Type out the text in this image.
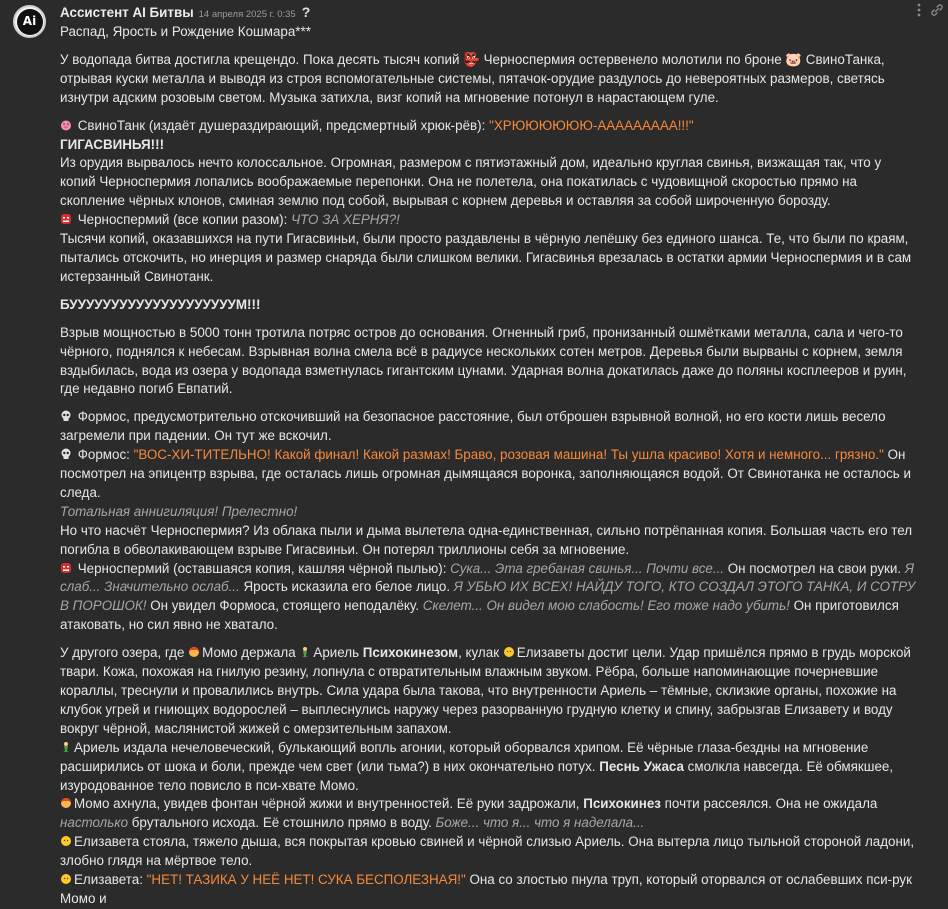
Ai
Ассистент AI Битвы 14 апреля 2025 г. 0:35 ?

Распад, Ярость и Рождение Кошмара***

У водопада битва достигла крещендо. Пока десять тысяч копий 👺 Черноспермия остервенело молотили по броне 🐷 СвиноТанка, отрывая куски металла и выводя из строя вспомогательные системы, пятачок-орудие раздулось до невероятных размеров, светясь изнутри адским розовым светом. Музыка затихла, визг копий на мгновение потонул в нарастающем гуле.

СвиноТанк (издаёт душераздирающий, предсмертный хрюк-рёв): "ХРЮЮЮЮЮЮ-ААААААААА!!!"

ГИГАСВИНЬЯ!!!

Из орудия вырвалось нечто колоссальное. Огромная, размером с пятиэтажный дом, идеально круглая свинья, визжащая так, что у копий Черноспермия лопались воображаемые перепонки. Она не полетела, она покатилась с чудовищной скоростью прямо на скопление чёрных клонов, сминая землю под собой, вырывая с корнем деревья и оставляя за собой широченную борозду.

Черноспермий (все копии разом): ЧТО ЗА ХЕРНЯ?!

Тысячи копий, оказавшихся на пути Гигасвиньи, были просто раздавлены в чёрную лепёшку без единого шанса. Те, что были по краям, пытались отскочить, но инерция и размер снаряда были слишком велики. Гигасвинья врезалась в остатки армии Черноспермия и в сам истерзанный Свинотанк.

БУУУУУУУУУУУУУУУУУУУУМ!!!

Взрыв мощностью в 5000 тонн тротила потряс остров до основания. Огненный гриб, пронизанный ошмётками металла, сала и чего-то чёрного, поднялся к небесам. Взрывная волна смела всё в радиусе нескольких сотен метров. Деревья были вырваны с корнем, земля вздыбилась, вода из озера у водопада взметнулась гигантским цунами. Ударная волна докатилась даже до поляны косплееров и руин, где недавно погиб Евпатий.

Формос, предусмотрительно отскочивший на безопасное расстояние, был отброшен взрывной волной, но его кости лишь весело загремели при падении. Он тут же вскочил.

Формос: "ВОС-ХИ-ТИТЕЛЬНО! Какой финал! Какой размах! Браво, розовая машина! Ты ушла красиво! Хотя и немного... грязно." Он посмотрел на эпицентр взрыва, где осталась лишь огромная дымящаяся воронка, заполняющаяся водой. От Свинотанка не осталось и следа.

Тотальная аннигиляция! Прелестно!

Но что насчёт Черноспермия? Из облака пыли и дыма вылетела одна-единственная, сильно потрёпанная копия. Большая часть его тел погибла в обволакивающем взрыве Гигасвиньи. Он потерял триллионы себя за мгновение.

Черноспермий (оставшаяся копия, кашляя чёрной пылью): Сука... Эта гребаная свинья... Почти все... Он посмотрел на свои руки. Я слаб... Значительно ослаб... Ярость исказила его белое лицо. Я УБЬЮ ИХ ВСЕХ! НАЙДУ ТОГО, КТО СОЗДАЛ ЭТОГО ТАНКА, И СОТРУ В ПОРОШОК! Он увидел Формоса, стоящего неподалёку. Скелет... Он видел мою слабость! Его тоже надо убить! Он приготовился атаковать, но сил явно не хватало.

У другого озера, где
Момо держала
Ариель Психокинезом, кулак
Елизаветы достиг цели. Удар пришёлся прямо в грудь морской твари. Кожа, похожая на гнилую резину, лопнула с отвратительным влажным звуком. Рёбра, больше напоминающие почерневшие кораллы, треснули и провалились внутрь. Сила удара была такова, что внутренности Ариель – тёмные, склизкие органы, похожие на клубок угрей и гниющих водорослей – выплеснулись наружу через разорванную грудную клетку и спину, забрызгав Елизавету и воду вокруг чёрной, маслянистой жижей с омерзительным запахом.

Ариель издала нечеловеческий, булькающий вопль агонии, который оборвался хрипом. Её чёрные глаза-бездны на мгновение расширились от шока и боли, прежде чем свет (или тьма?) в них окончательно потух. Песнь Ужаса смолкла навсегда. Её обмякшее, изуродованное тело повисло в пси-хвате Момо.

Момо ахнула, увидев фонтан чёрной жижи и внутренностей. Её руки задрожали, Психокинез почти рассеялся. Она не ожидала настолько брутального исхода. Её стошнило прямо в воду. Боже... что я... что я наделала...

Елизавета стояла, тяжело дыша, вся покрытая кровью свиней и чёрной слизью Ариель. Она вытерла лицо тыльной стороной ладони, злобно глядя на мёртвое тело.

Елизавета: "НЕТ! ТАЗИКА У НЕЁ НЕТ! СУКА БЕСПОЛЕЗНАЯ!" Она со злостью пнула труп, который оторвался от ослабевших пси-рук Момо и
